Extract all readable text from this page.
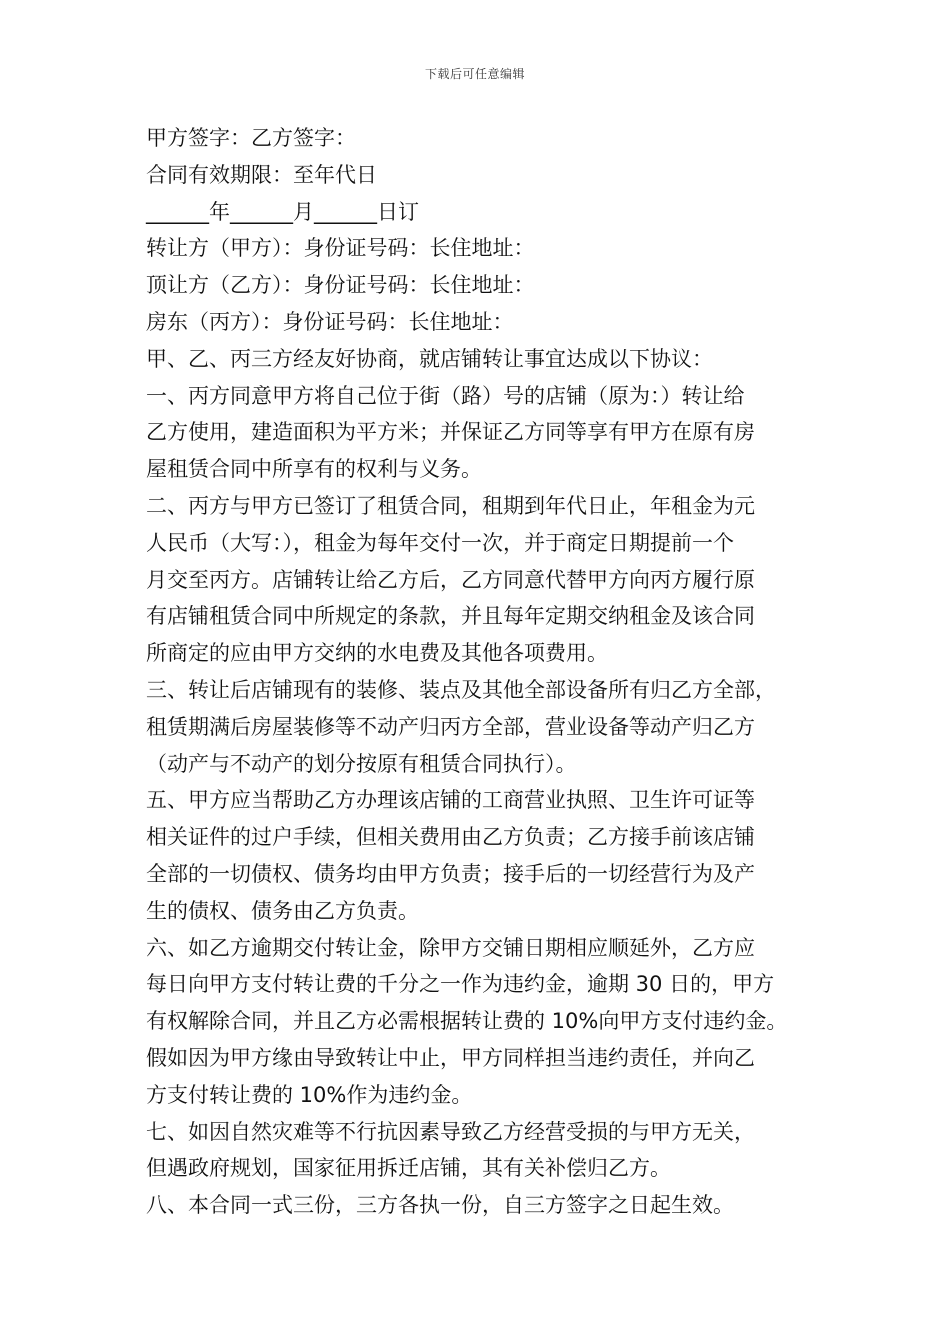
下载后可任意编辑
甲方签字：乙方签字：
合同有效期限：至年代日
______年______月______日订
转让方（甲方）：身份证号码：长住地址：
顶让方（乙方）：身份证号码：长住地址：
房东（丙方）：身份证号码：长住地址：
甲、乙、丙三方经友好协商，就店铺转让事宜达成以下协议：
一、丙方同意甲方将自己位于街（路）号的店铺（原为：）转让给
乙方使用，建造面积为平方米；并保证乙方同等享有甲方在原有房
屋租赁合同中所享有的权利与义务。
二、丙方与甲方已签订了租赁合同，租期到年代日止，年租金为元
人民币（大写：），租金为每年交付一次，并于商定日期提前一个
月交至丙方。店铺转让给乙方后，乙方同意代替甲方向丙方履行原
有店铺租赁合同中所规定的条款，并且每年定期交纳租金及该合同
所商定的应由甲方交纳的水电费及其他各项费用。
三、转让后店铺现有的装修、装点及其他全部设备所有归乙方全部，
租赁期满后房屋装修等不动产归丙方全部，营业设备等动产归乙方
（动产与不动产的划分按原有租赁合同执行）。
五、甲方应当帮助乙方办理该店铺的工商营业执照、卫生许可证等
相关证件的过户手续，但相关费用由乙方负责；乙方接手前该店铺
全部的一切债权、债务均由甲方负责；接手后的一切经营行为及产
生的债权、债务由乙方负责。
六、如乙方逾期交付转让金，除甲方交铺日期相应顺延外，乙方应
每日向甲方支付转让费的千分之一作为违约金，逾期 30 日的，甲方
有权解除合同，并且乙方必需根据转让费的 10%向甲方支付违约金。
假如因为甲方缘由导致转让中止，甲方同样担当违约责任，并向乙
方支付转让费的 10%作为违约金。
七、如因自然灾难等不行抗因素导致乙方经营受损的与甲方无关，
但遇政府规划，国家征用拆迁店铺，其有关补偿归乙方。
八、本合同一式三份，三方各执一份，自三方签字之日起生效。
